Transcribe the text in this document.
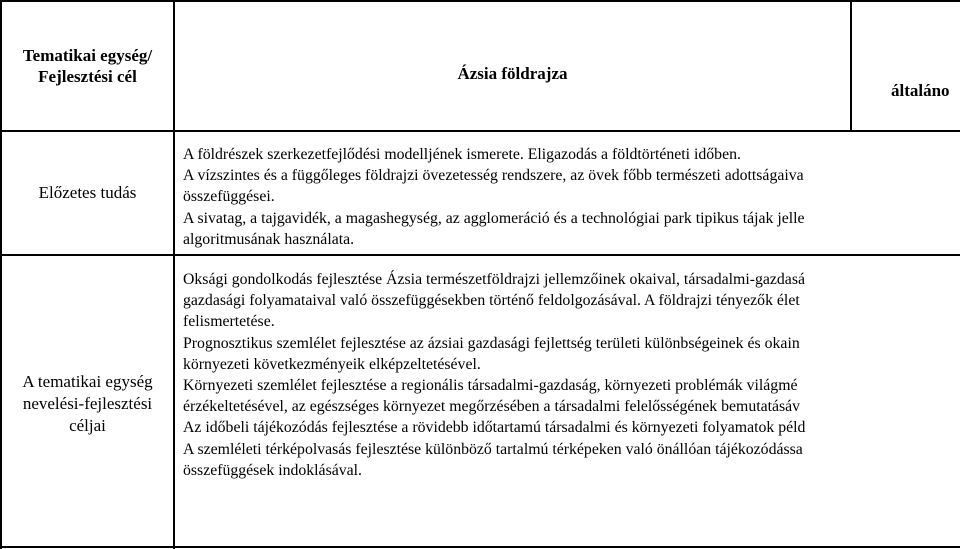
Tematikai egység/
Fejlesztési cél	Ázsia földrajza
általáno
Előzetes tudás

A földrészek szerkezetfejlődési modelljének ismerete. Eligazodás a földtörténeti időben.

A vízszintes és a függőleges földrajzi övezetesség rendszere, az övek főbb természeti adottságaiva

összefüggései.

A sivatag, a tajgavidék, a magashegység, az agglomeráció és a technológiai park tipikus tájak jelle

algoritmusának használata.

A tematikai egység
nevelési-fejlesztési
céljai

Oksági gondolkodás fejlesztése Ázsia természetföldrajzi jellemzőinek okaival, társadalmi-gazdasá

gazdasági folyamataival való összefüggésekben történő feldolgozásával. A földrajzi tényezők élet

felismertetése.

Prognosztikus szemlélet fejlesztése az ázsiai gazdasági fejlettség területi különbségeinek és okain

környezeti következményeik elképzeltetésével.

Környezeti szemlélet fejlesztése a regionális társadalmi-gazdaság, környezeti problémák világmé

érzékeltetésével, az egészséges környezet megőrzésében a társadalmi felelősségének bemutatásáv

Az időbeli tájékozódás fejlesztése a rövidebb időtartamú társadalmi és környezeti folyamatok péld

A szemléleti térképolvasás fejlesztése különböző tartalmú térképeken való önállóan tájékozódássa

összefüggések indoklásával.
